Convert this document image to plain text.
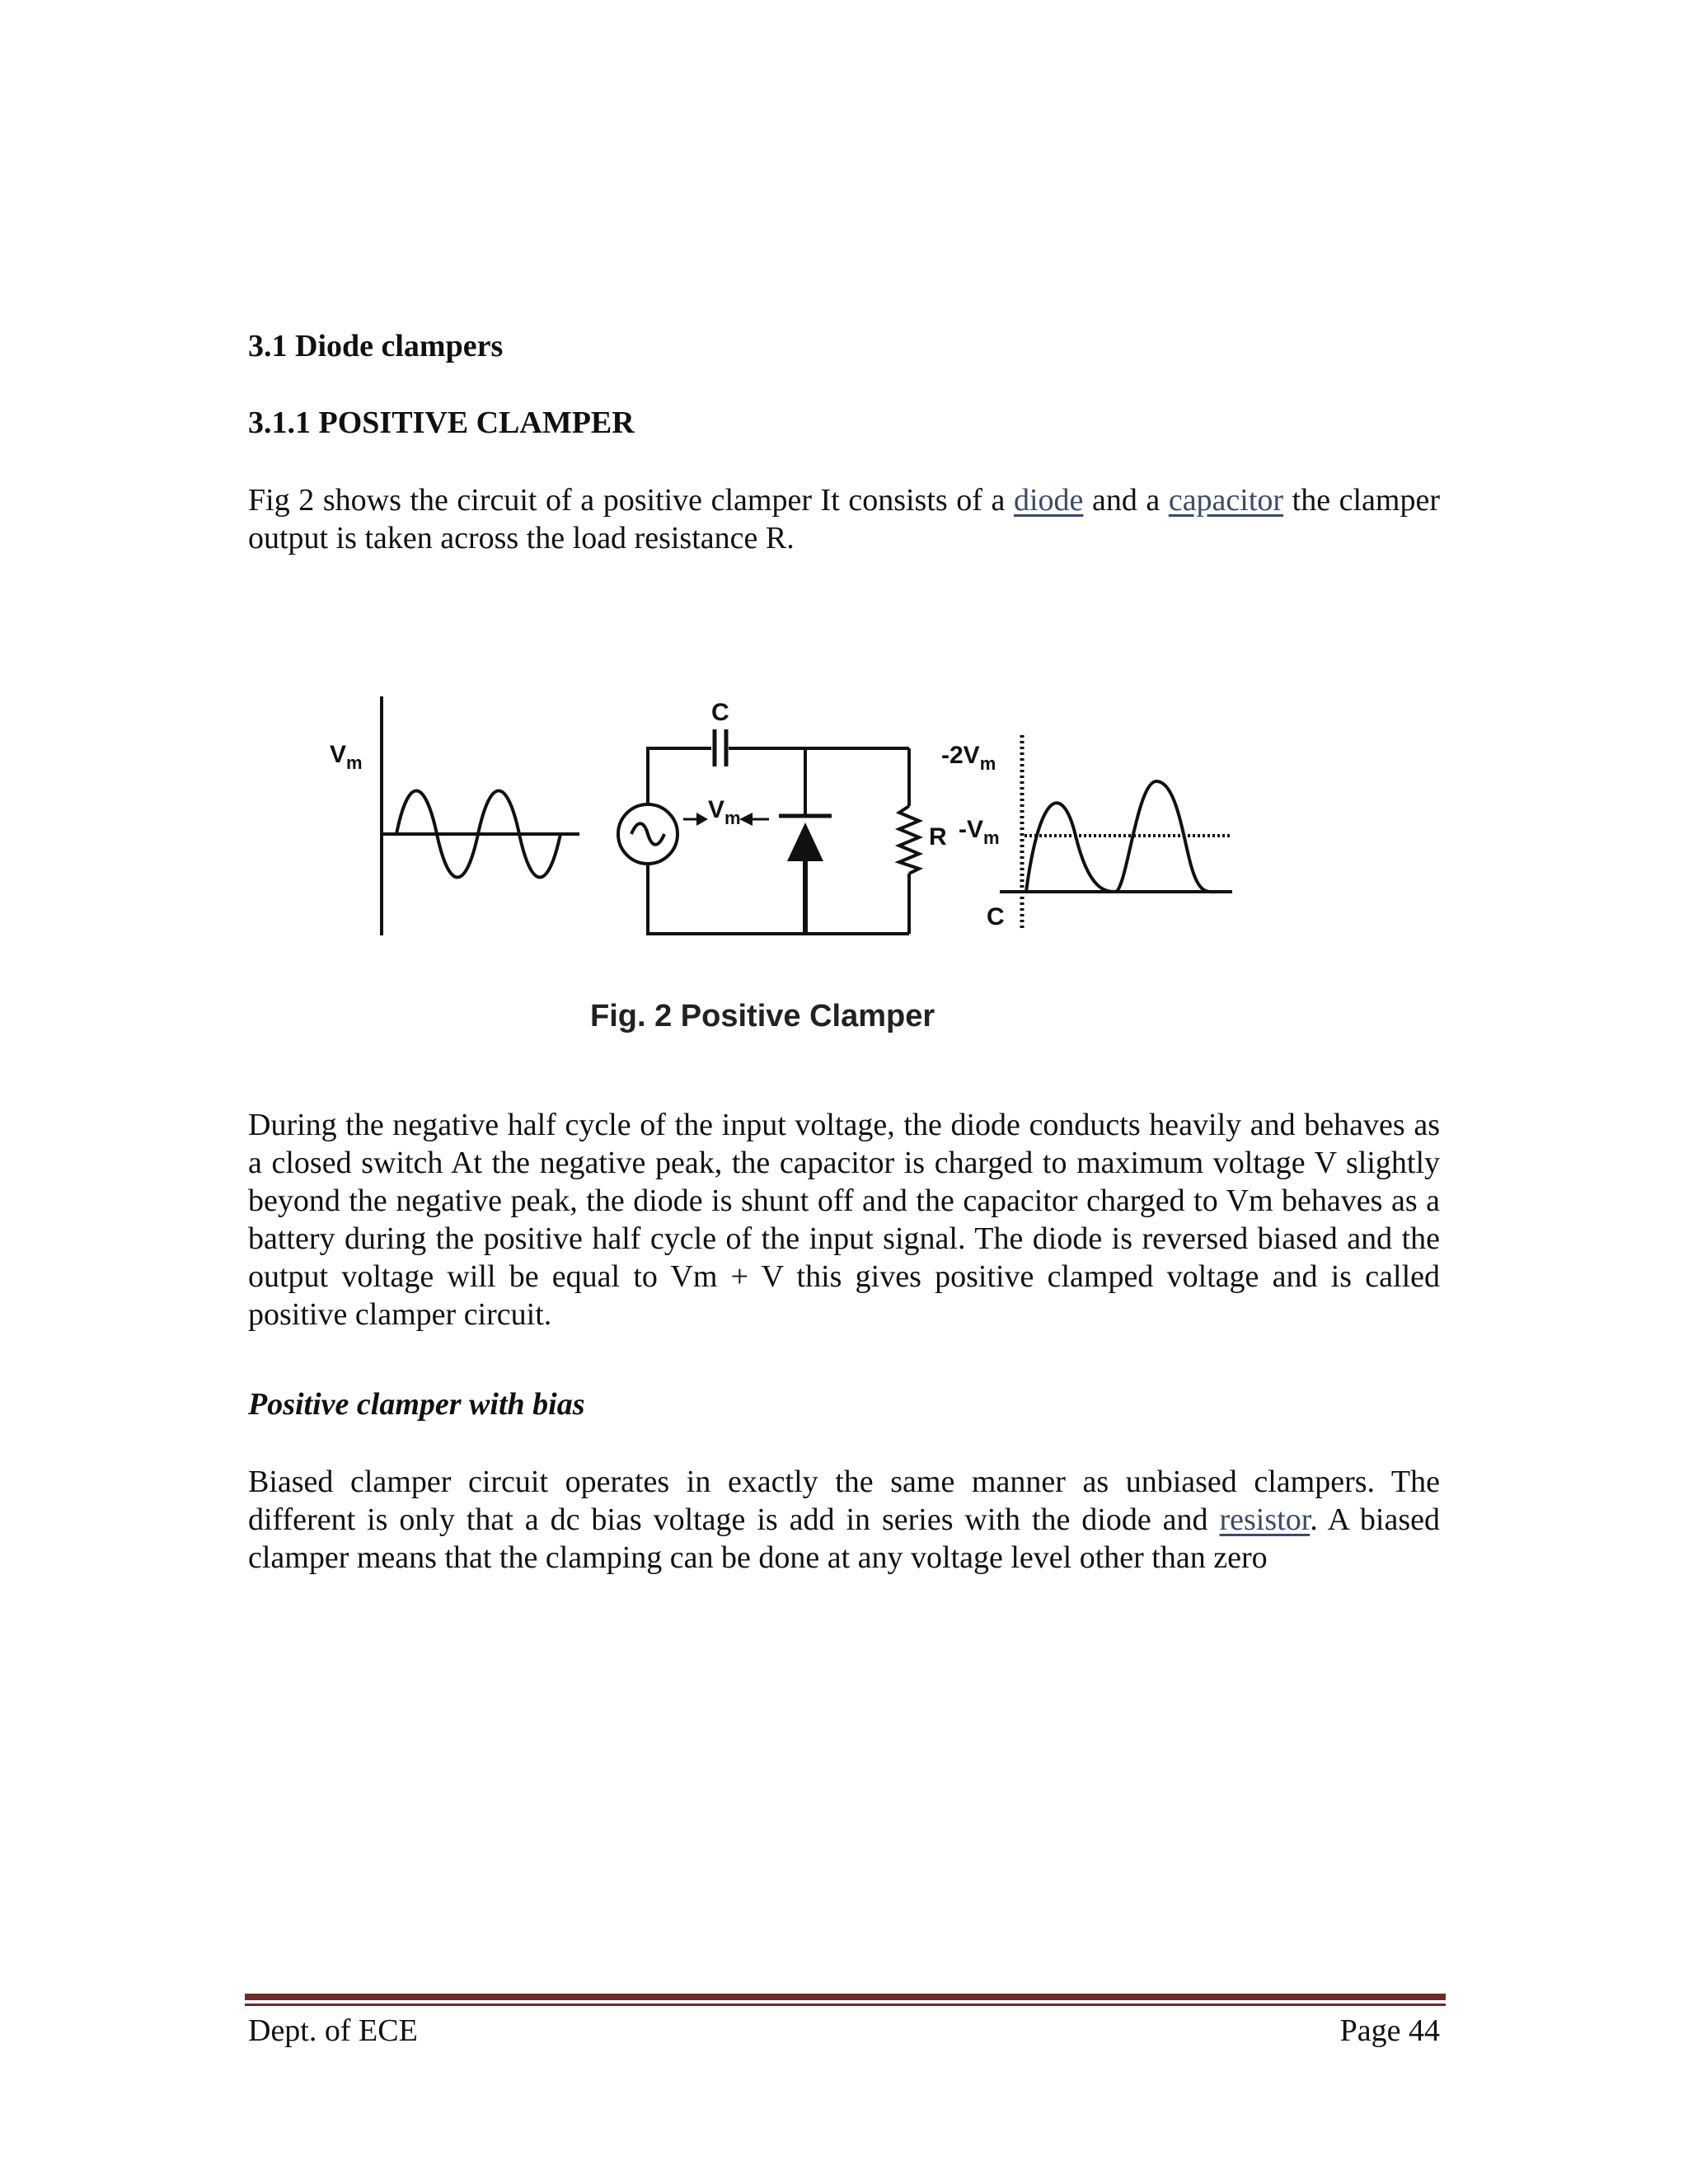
3.1 Diode clampers
3.1.1 POSITIVE CLAMPER

Fig 2 shows the circuit of a positive clamper It consists of a diode and a capacitor the clamper output is taken across the load resistance R.

$V_m$
C
$V_m$
R
$-2V_m$
$-V_m$
C
Fig. 2 Positive Clamper

During the negative half cycle of the input voltage, the diode conducts heavily and behaves as a closed switch At the negative peak, the capacitor is charged to maximum voltage V slightly beyond the negative peak, the diode is shunt off and the capacitor charged to Vm behaves as a battery during the positive half cycle of the input signal. The diode is reversed biased and the output voltage will be equal to Vm + V this gives positive clamped voltage and is called positive clamper circuit.

Positive clamper with bias

Biased clamper circuit operates in exactly the same manner as unbiased clampers. The different is only that a dc bias voltage is add in series with the diode and resistor. A biased clamper means that the clamping can be done at any voltage level other than zero

Dept. of ECE	Page 44
